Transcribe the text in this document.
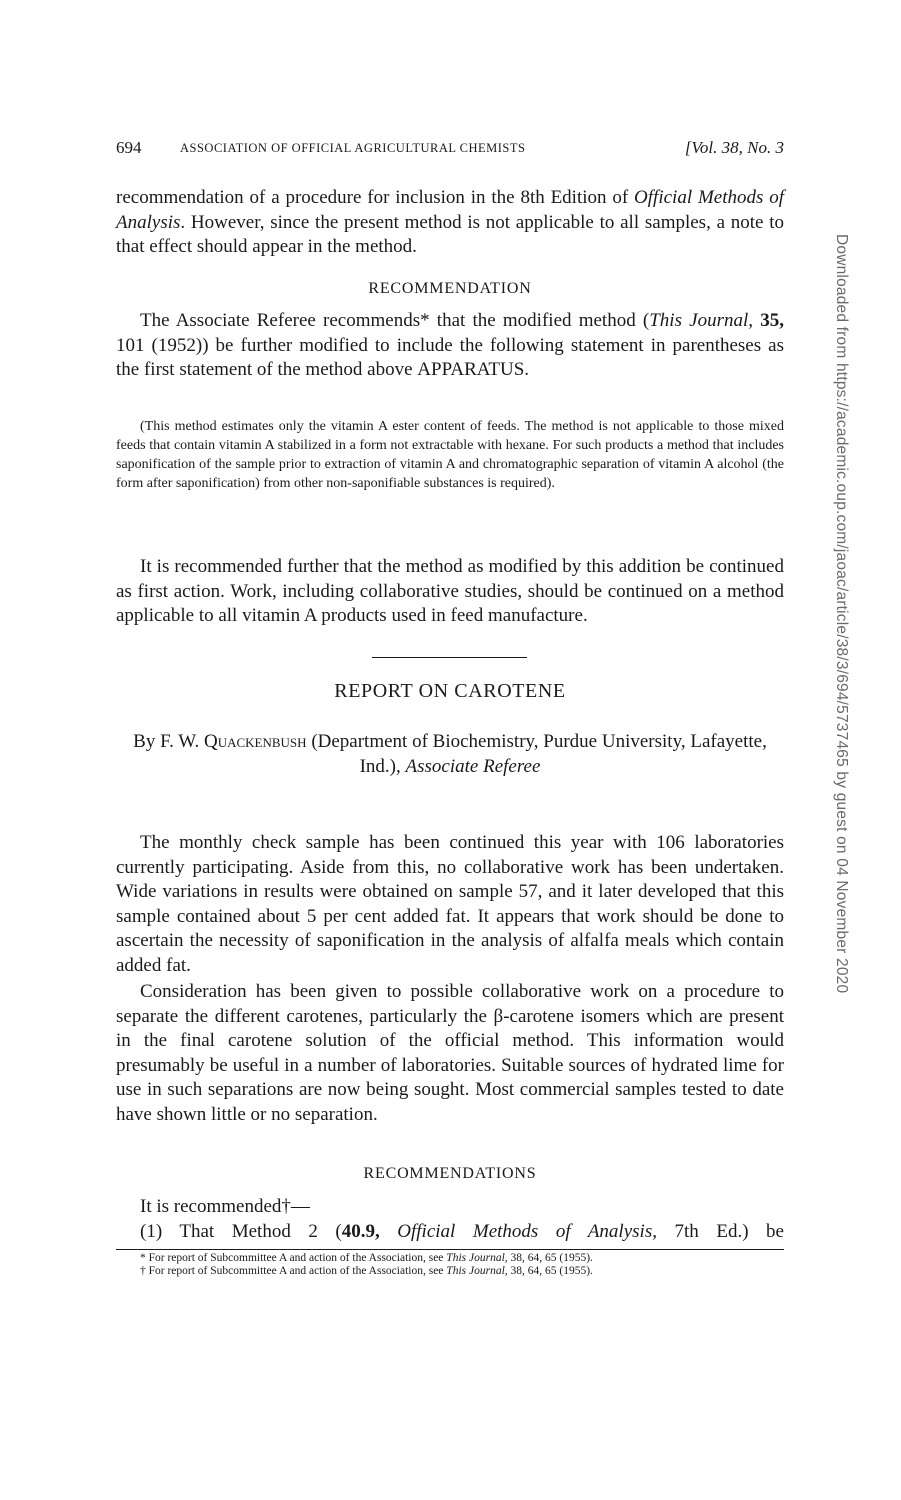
694	ASSOCIATION OF OFFICIAL AGRICULTURAL CHEMISTS	[Vol. 38, No. 3

recommendation of a procedure for inclusion in the 8th Edition of Official Methods of Analysis. However, since the present method is not applicable to all samples, a note to that effect should appear in the method.

RECOMMENDATION

The Associate Referee recommends* that the modified method (This Journal, 35, 101 (1952)) be further modified to include the following statement in parentheses as the first statement of the method above APPARATUS.

(This method estimates only the vitamin A ester content of feeds. The method is not applicable to those mixed feeds that contain vitamin A stabilized in a form not extractable with hexane. For such products a method that includes saponification of the sample prior to extraction of vitamin A and chromatographic separation of vitamin A alcohol (the form after saponification) from other non-saponifiable substances is required).

It is recommended further that the method as modified by this addition be continued as first action. Work, including collaborative studies, should be continued on a method applicable to all vitamin A products used in feed manufacture.

REPORT ON CAROTENE
By F. W. Quackenbush (Department of Biochemistry, Purdue University, Lafayette, Ind.), Associate Referee

The monthly check sample has been continued this year with 106 laboratories currently participating. Aside from this, no collaborative work has been undertaken. Wide variations in results were obtained on sample 57, and it later developed that this sample contained about 5 per cent added fat. It appears that work should be done to ascertain the necessity of saponification in the analysis of alfalfa meals which contain added fat.

Consideration has been given to possible collaborative work on a procedure to separate the different carotenes, particularly the β-carotene isomers which are present in the final carotene solution of the official method. This information would presumably be useful in a number of laboratories. Suitable sources of hydrated lime for use in such separations are now being sought. Most commercial samples tested to date have shown little or no separation.

RECOMMENDATIONS

It is recommended†—

(1) That Method 2 (40.9, Official Methods of Analysis, 7th Ed.) be

* For report of Subcommittee A and action of the Association, see This Journal, 38, 64, 65 (1955).
† For report of Subcommittee A and action of the Association, see This Journal, 38, 64, 65 (1955).
Downloaded from https://academic.oup.com/jaoac/article/38/3/694/5737465 by guest on 04 November 2020
